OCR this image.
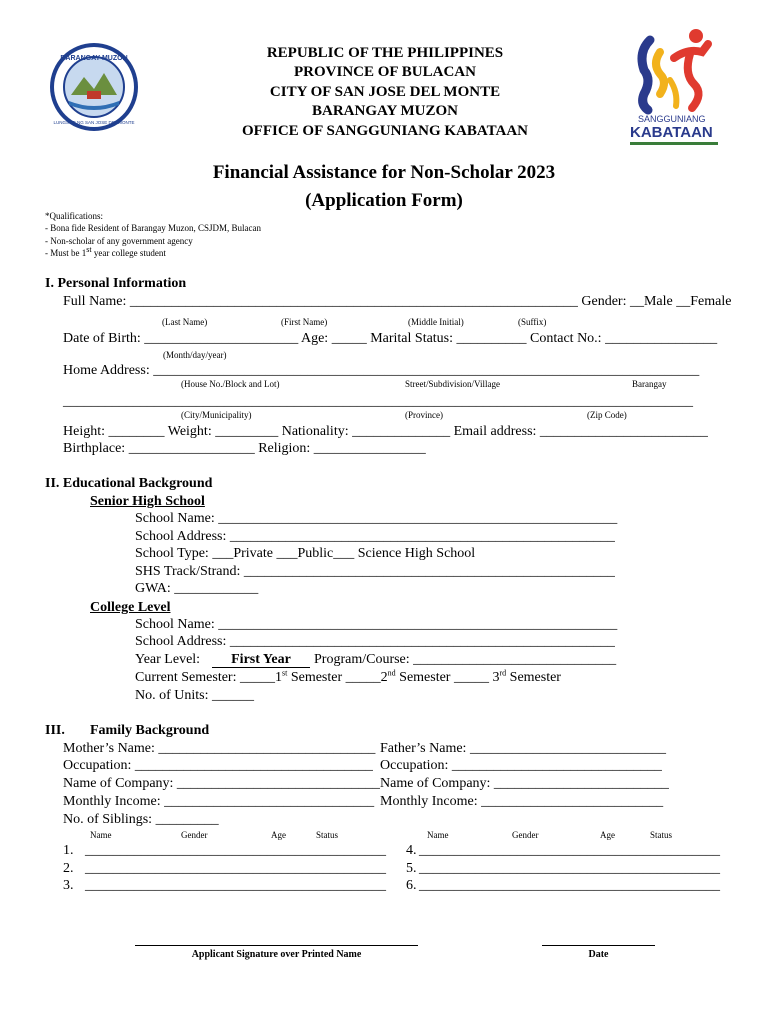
BARANGAY MUZON
LUNGSOD NG SAN JOSE DEL MONTE	SANGGUNIANG
KABATAAN
REPUBLIC OF THE PHILIPPINES
PROVINCE OF BULACAN
CITY OF SAN JOSE DEL MONTE
BARANGAY MUZON
OFFICE OF SANGGUNIANG KABATAAN
Financial Assistance for Non-Scholar 2023
(Application Form)
*Qualifications:
- Bona fide Resident of Barangay Muzon, CSJDM, Bulacan
- Non-scholar of any government agency
- Must be 1st year college student
I. Personal Information
Full Name: ________________________________________________________________ Gender: __Male __Female
(Last Name)	(First Name)	(Middle Initial)	(Suffix)
Date of Birth: ______________________ Age: _____ Marital Status: __________ Contact No.: ________________
(Month/day/year)
Home Address: ______________________________________________________________________________
(House No./Block and Lot)	Street/Subdivision/Village	Barangay
__________________________________________________________________________________________
(City/Municipality)	(Province)	(Zip Code)
Height: ________ Weight: _________ Nationality: ______________ Email address: ________________________
Birthplace: __________________ Religion: ________________
II. Educational Background
Senior High School
School Name: _________________________________________________________
School Address: _______________________________________________________
School Type: ___Private ___Public___ Science High School
SHS Track/Strand: _____________________________________________________
GWA: ____________
College Level
School Name: _________________________________________________________
School Address: _______________________________________________________
Year Level:	First Year	Program/Course: _____________________________
Current Semester: _____1st Semester _____2nd Semester _____ 3rd Semester
No. of Units: ______
III. Family Background
Mother’s Name: _______________________________
Occupation: __________________________________
Name of Company: _____________________________
Monthly Income: ______________________________
Father’s Name: ____________________________
Occupation: ______________________________
Name of Company: _________________________
Monthly Income: __________________________
No. of Siblings: _________
Name	Gender	Age	Status	Name	Gender	Age	Status
1. ___________________________________________
2. ___________________________________________
3. ___________________________________________
4. ___________________________________________
5. ___________________________________________
6. ___________________________________________
Applicant Signature over Printed Name	Date
